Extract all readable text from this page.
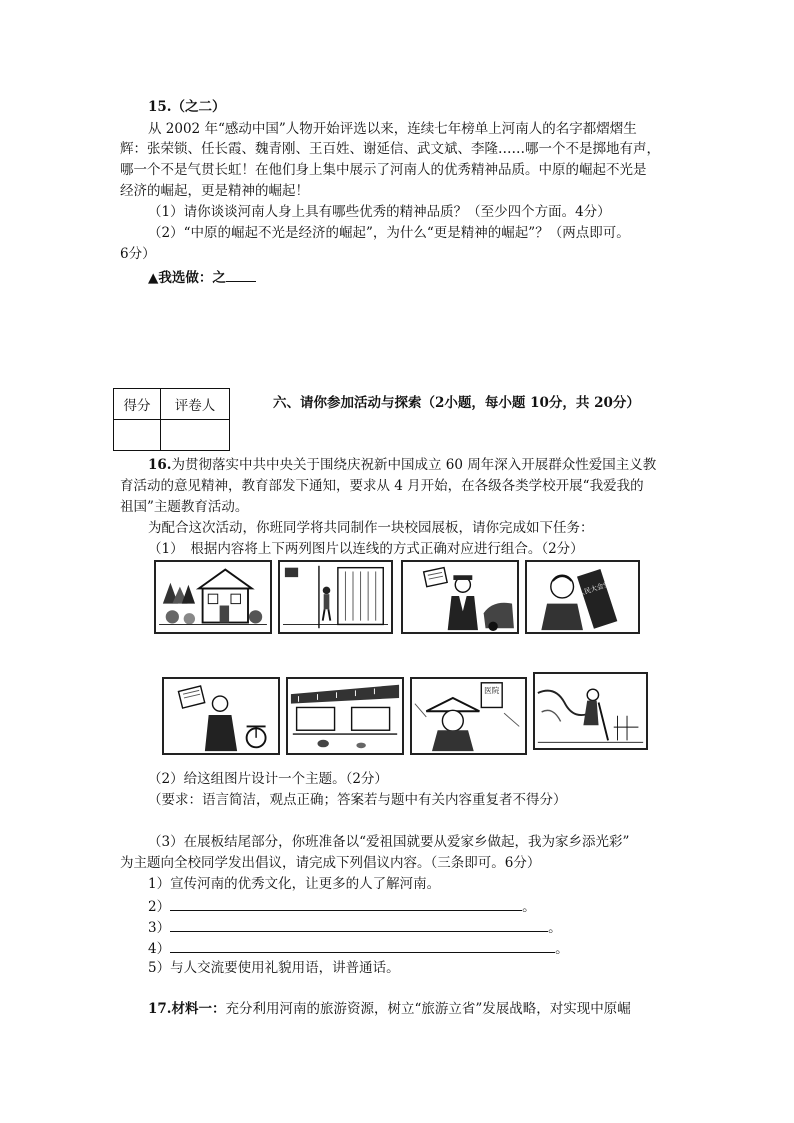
15.（之二）
从 2002 年“感动中国”人物开始评选以来，连续七年榜单上河南人的名字都熠熠生
辉：张荣锁、任长霞、魏青刚、王百姓、谢延信、武文斌、李隆……哪一个不是掷地有声，
哪一个不是气贯长虹！在他们身上集中展示了河南人的优秀精神品质。中原的崛起不光是
经济的崛起，更是精神的崛起！
（1）请你谈谈河南人身上具有哪些优秀的精神品质？（至少四个方面。4分）
（2）“中原的崛起不光是经济的崛起”，为什么“更是精神的崛起”？（两点即可。
6分）
▲我选做：之
得分	评卷人
		六、请你参加活动与探索（2小题，每小题 10分，共 20分）
16.为贯彻落实中共中央关于围绕庆祝新中国成立 60 周年深入开展群众性爱国主义教
育活动的意见精神，教育部发下通知，要求从 4 月开始，在各级各类学校开展“我爱我的
祖国”主题教育活动。
为配合这次活动，你班同学将共同制作一块校园展板，请你完成如下任务：
（1）　根据内容将上下两列图片以连线的方式正确对应进行组合。（2分）
人民大会堂
医院
（2）给这组图片设计一个主题。（2分）
（要求：语言简洁，观点正确；答案若与题中有关内容重复者不得分）
（3）在展板结尾部分，你班准备以“爱祖国就要从爱家乡做起，我为家乡添光彩”
为主题向全校同学发出倡议，请完成下列倡议内容。（三条即可。6分）
1）宣传河南的优秀文化，让更多的人了解河南。
2）	。
3）	。
4）	。
5）与人交流要使用礼貌用语，讲普通话。
17.材料一：充分利用河南的旅游资源，树立“旅游立省”发展战略，对实现中原崛
